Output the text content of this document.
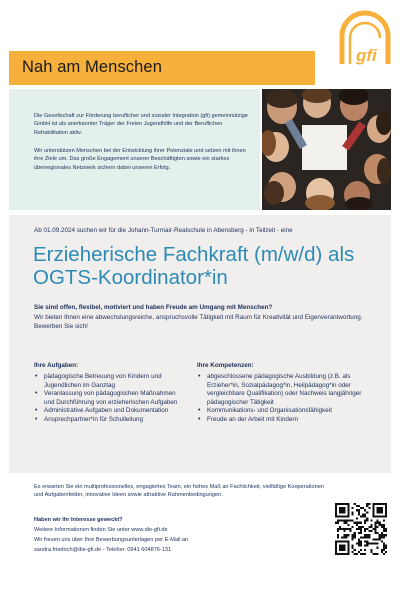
gfi
Nah am Menschen
Die Gesellschaft zur Förderung beruflicher und sozialer Integration (gfi) gemeinnützige GmbH ist als anerkannter Träger der Freien Jugendhilfe und der Beruflichen Rehabilitation aktiv.
Wir unterstützen Menschen bei der Entwicklung ihrer Potenziale und setzen mit ihnen ihre Ziele um. Das große Engagement unserer Beschäftigten sowie ein starkes überregionales Netzwerk sichern dabei unseren Erfolg.
Ab 01.09.2024 suchen wir für die Johann-Turmair-Realschule in Abensberg - in Teilzeit - eine
Erzieherische Fachkraft (m/w/d) als OGTS-Koordinator*in
Sie sind offen, flexibel, motiviert und haben Freude am Umgang mit Menschen?
Wir bieten Ihnen eine abwechslungsreiche, anspruchsvolle Tätigkeit mit Raum für Kreativität und Eigenverantwortung. Bewerben Sie sich!
Ihre Aufgaben:
• pädagogische Betreuung von Kindern und Jugendlichen im Ganztag
• Veranlassung von pädagogischen Maßnahmen und Durchführung von erzieherischen Aufgaben
• Administrative Aufgaben und Dokumentation
• Ansprechpartner*in für Schulleitung
Ihre Kompetenzen:
• abgeschlossene pädagogische Ausbildung (z.B. als Erzieher*in, Sozialpädagog*in, Heilpädagog*in oder vergleichbare Qualifikation) oder Nachweis langjähriger pädagogischer Tätigkeit
• Kommunikations- und Organisationsfähigkeit
• Freude an der Arbeit mit Kindern
Es erwarten Sie ein multiprofessionelles, engagiertes Team, ein hohes Maß an Fachlichkeit, vielfältige Kooperationen und Aufgabenfelder, innovative Ideen sowie attraktive Rahmenbedingungen.
Haben wir Ihr Interesse geweckt?
Weitere Informationen finden Sie unter www.die-gfi.de
Wir freuen uns über Ihre Bewerbungsunterlagen per E-Mail an
sandra.friedrich@die-gfi.de - Telefon: 0941 604876-131
